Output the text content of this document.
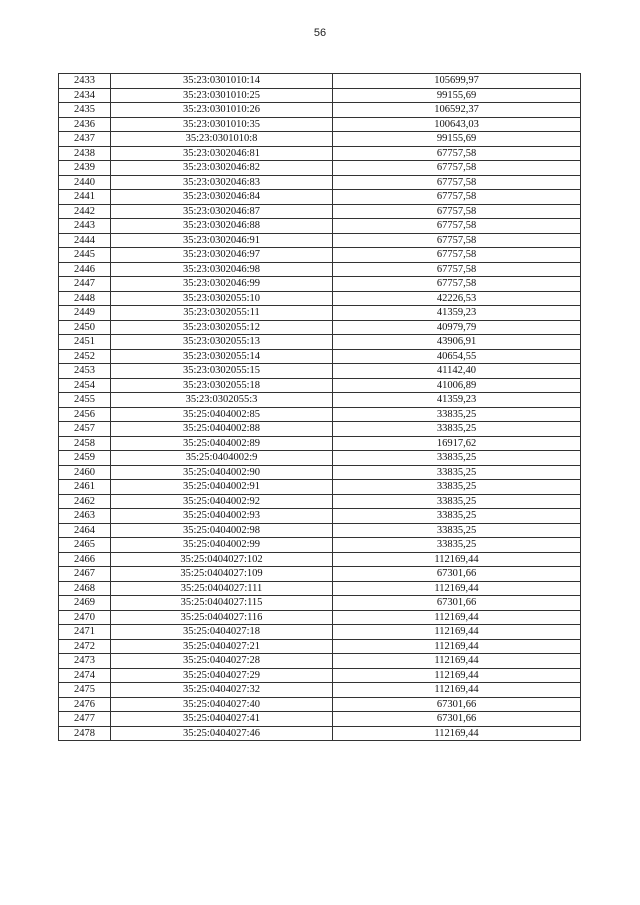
56
2433	35:23:0301010:14	105699,97
2434	35:23:0301010:25	99155,69
2435	35:23:0301010:26	106592,37
2436	35:23:0301010:35	100643,03
2437	35:23:0301010:8	99155,69
2438	35:23:0302046:81	67757,58
2439	35:23:0302046:82	67757,58
2440	35:23:0302046:83	67757,58
2441	35:23:0302046:84	67757,58
2442	35:23:0302046:87	67757,58
2443	35:23:0302046:88	67757,58
2444	35:23:0302046:91	67757,58
2445	35:23:0302046:97	67757,58
2446	35:23:0302046:98	67757,58
2447	35:23:0302046:99	67757,58
2448	35:23:0302055:10	42226,53
2449	35:23:0302055:11	41359,23
2450	35:23:0302055:12	40979,79
2451	35:23:0302055:13	43906,91
2452	35:23:0302055:14	40654,55
2453	35:23:0302055:15	41142,40
2454	35:23:0302055:18	41006,89
2455	35:23:0302055:3	41359,23
2456	35:25:0404002:85	33835,25
2457	35:25:0404002:88	33835,25
2458	35:25:0404002:89	16917,62
2459	35:25:0404002:9	33835,25
2460	35:25:0404002:90	33835,25
2461	35:25:0404002:91	33835,25
2462	35:25:0404002:92	33835,25
2463	35:25:0404002:93	33835,25
2464	35:25:0404002:98	33835,25
2465	35:25:0404002:99	33835,25
2466	35:25:0404027:102	112169,44
2467	35:25:0404027:109	67301,66
2468	35:25:0404027:111	112169,44
2469	35:25:0404027:115	67301,66
2470	35:25:0404027:116	112169,44
2471	35:25:0404027:18	112169,44
2472	35:25:0404027:21	112169,44
2473	35:25:0404027:28	112169,44
2474	35:25:0404027:29	112169,44
2475	35:25:0404027:32	112169,44
2476	35:25:0404027:40	67301,66
2477	35:25:0404027:41	67301,66
2478	35:25:0404027:46	112169,44
